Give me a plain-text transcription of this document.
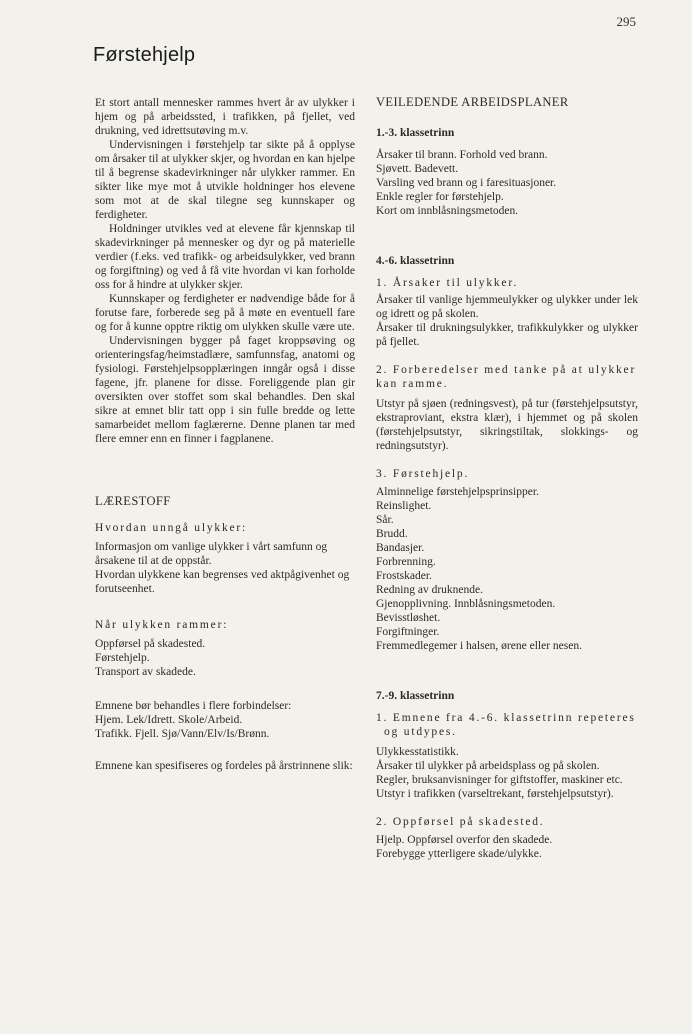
295
Førstehjelp

Et stort antall mennesker rammes hvert år av ulykker i hjem og på arbeidssted, i trafikken, på fjellet, ved drukning, ved idrettsutøving m.v.

Undervisningen i førstehjelp tar sikte på å opplyse om årsaker til at ulykker skjer, og hvordan en kan hjelpe til å begrense skadevirkninger når ulykker rammer. En sikter like mye mot å utvikle holdninger hos elevene som mot at de skal tilegne seg kunnskaper og ferdigheter.

Holdninger utvikles ved at elevene får kjennskap til skadevirkninger på mennesker og dyr og på materielle verdier (f.eks. ved trafikk- og arbeidsulykker, ved brann og forgiftning) og ved å få vite hvordan vi kan forholde oss for å hindre at ulykker skjer.

Kunnskaper og ferdigheter er nødvendige både for å forutse fare, forberede seg på å møte en eventuell fare og for å kunne opptre riktig om ulykken skulle være ute.

Undervisningen bygger på faget kroppsøving og orienteringsfag/heimstadlære, samfunnsfag, anatomi og fysiologi. Førstehjelpsopplæringen inngår også i disse fagene, jfr. planene for disse. Foreliggende plan gir oversikten over stoffet som skal behandles. Den skal sikre at emnet blir tatt opp i sin fulle bredde og lette samarbeidet mellom faglærerne. Denne planen tar med flere emner enn en finner i fagplanene.

LÆRESTOFF
Hvordan unngå ulykker:
Informasjon om vanlige ulykker i vårt samfunn og årsakene til at de oppstår.
Hvordan ulykkene kan begrenses ved aktpågivenhet og forutseenhet.
Når ulykken rammer:
Oppførsel på skadested.
Førstehjelp.
Transport av skadede.
Emnene bør behandles i flere forbindelser:
Hjem. Lek/Idrett. Skole/Arbeid.
Trafikk. Fjell. Sjø/Vann/Elv/Is/Brønn.

Emnene kan spesifiseres og fordeles på årstrinnene slik:

VEILEDENDE ARBEIDSPLANER
1.-3. klassetrinn
Årsaker til brann. Forhold ved brann.
Sjøvett. Badevett.
Varsling ved brann og i faresituasjoner.
Enkle regler for førstehjelp.
Kort om innblåsningsmetoden.
4.-6. klassetrinn
1. Årsaker til ulykker.
Årsaker til vanlige hjemmeulykker og ulykker under lek og idrett og på skolen.
Årsaker til drukningsulykker, trafikkulykker og ulykker på fjellet.
2. Forberedelser med tanke på at ulykker kan ramme.

Utstyr på sjøen (redningsvest), på tur (førstehjelpsutstyr, ekstraproviant, ekstra klær), i hjemmet og på skolen (førstehjelpsutstyr, sikringstiltak, slokkings- og redningsutstyr).

3. Førstehjelp.
Alminnelige førstehjelpsprinsipper.
Reinslighet.
Sår.
Brudd.
Bandasjer.
Forbrenning.
Frostskader.
Redning av druknende.
Gjenopplivning. Innblåsningsmetoden.
Bevisstløshet.
Forgiftninger.
Fremmedlegemer i halsen, ørene eller nesen.
7.-9. klassetrinn
1. Emnene fra 4.-6. klassetrinn repeteres og utdypes.
Ulykkesstatistikk.
Årsaker til ulykker på arbeidsplass og på skolen.
Regler, bruksanvisninger for giftstoffer, maskiner etc.
Utstyr i trafikken (varseltrekant, førstehjelpsutstyr).
2. Oppførsel på skadested.
Hjelp. Oppførsel overfor den skadede.
Forebygge ytterligere skade/ulykke.
